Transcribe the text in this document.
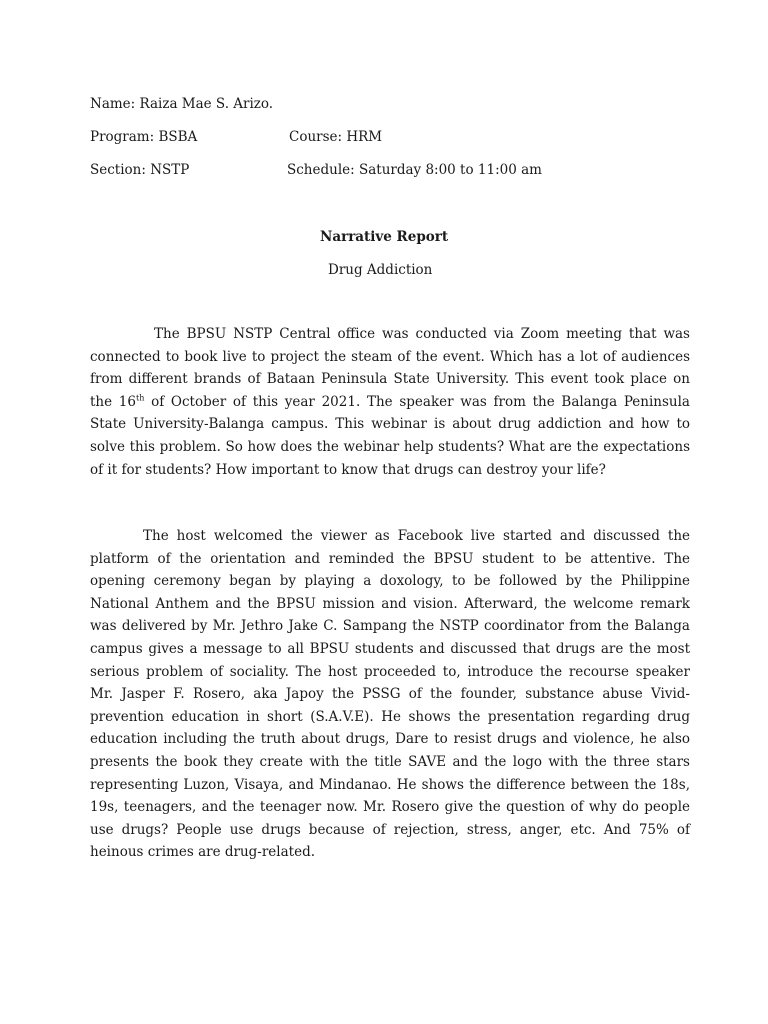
Name: Raiza Mae S. Arizo.
Program: BSBA	Course: HRM
Section: NSTP	Schedule: Saturday 8:00 to 11:00 am
Narrative Report
Drug Addiction
The BPSU NSTP Central office was conducted via Zoom meeting that was connected to book live to project the steam of the event. Which has a lot of audiences from different brands of Bataan Peninsula State University. This event took place on the 16th of October of this year 2021. The speaker was from the Balanga Peninsula State University-Balanga campus. This webinar is about drug addiction and how to solve this problem. So how does the webinar help students? What are the expectations of it for students? How important to know that drugs can destroy your life?
The host welcomed the viewer as Facebook live started and discussed the platform of the orientation and reminded the BPSU student to be attentive. The opening ceremony began by playing a doxology, to be followed by the Philippine National Anthem and the BPSU mission and vision. Afterward, the welcome remark was delivered by Mr. Jethro Jake C. Sampang the NSTP coordinator from the Balanga campus gives a message to all BPSU students and discussed that drugs are the most serious problem of sociality. The host proceeded to, introduce the recourse speaker Mr. Jasper F. Rosero, aka Japoy the PSSG of the founder, substance abuse Vivid- prevention education in short (S.A.V.E). He shows the presentation regarding drug education including the truth about drugs, Dare to resist drugs and violence, he also presents the book they create with the title SAVE and the logo with the three stars representing Luzon, Visaya, and Mindanao. He shows the difference between the 18s, 19s, teenagers, and the teenager now. Mr. Rosero give the question of why do people use drugs? People use drugs because of rejection, stress, anger, etc. And 75% of heinous crimes are drug-related.
